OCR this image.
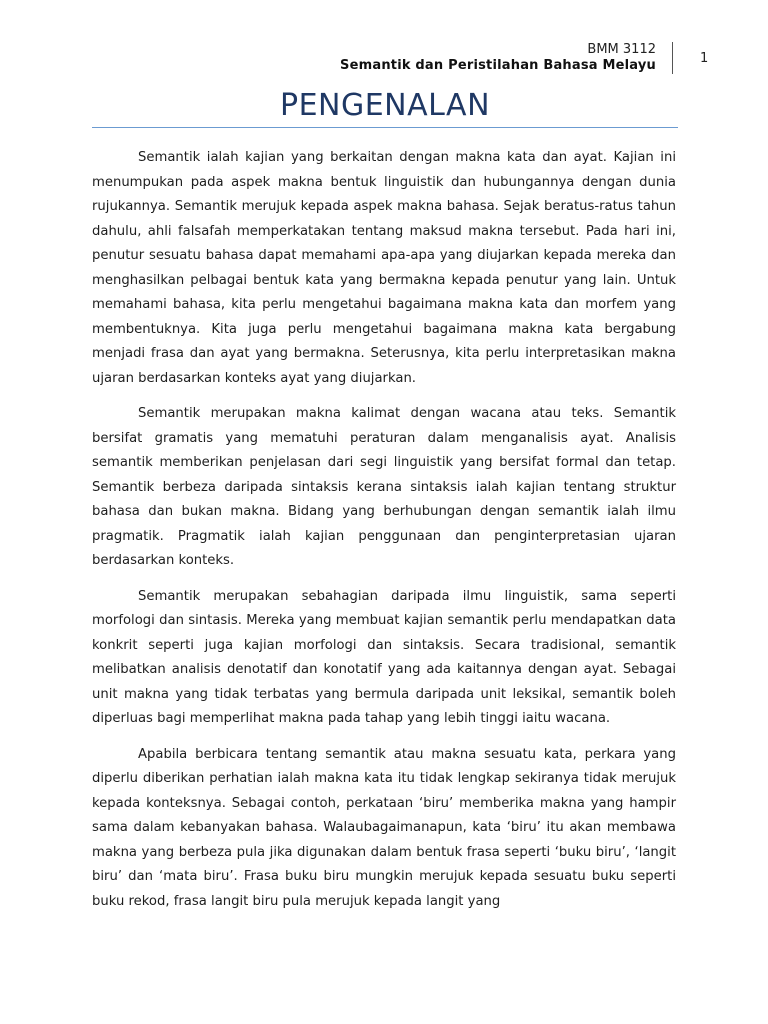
BMM 3112
Semantik dan Peristilahan Bahasa Melayu	1
PENGENALAN

Semantik ialah kajian yang berkaitan dengan makna kata dan ayat. Kajian ini menumpukan pada aspek makna bentuk linguistik dan hubungannya dengan dunia rujukannya. Semantik merujuk kepada aspek makna bahasa. Sejak beratus-ratus tahun dahulu, ahli falsafah memperkatakan tentang maksud makna tersebut. Pada hari ini, penutur sesuatu bahasa dapat memahami apa-apa yang diujarkan kepada mereka dan menghasilkan pelbagai bentuk kata yang bermakna kepada penutur yang lain. Untuk memahami bahasa, kita perlu mengetahui bagaimana makna kata dan morfem yang membentuknya. Kita juga perlu mengetahui bagaimana makna kata bergabung menjadi frasa dan ayat yang bermakna. Seterusnya, kita perlu interpretasikan makna ujaran berdasarkan konteks ayat yang diujarkan.

Semantik merupakan makna kalimat dengan wacana atau teks. Semantik bersifat gramatis yang mematuhi peraturan dalam menganalisis ayat. Analisis semantik memberikan penjelasan dari segi linguistik yang bersifat formal dan tetap. Semantik berbeza daripada sintaksis kerana sintaksis ialah kajian tentang struktur bahasa dan bukan makna. Bidang yang berhubungan dengan semantik ialah ilmu pragmatik. Pragmatik ialah kajian penggunaan dan penginterpretasian ujaran berdasarkan konteks.

Semantik merupakan sebahagian daripada ilmu linguistik, sama seperti morfologi dan sintasis. Mereka yang membuat kajian semantik perlu mendapatkan data konkrit seperti juga kajian morfologi dan sintaksis. Secara tradisional, semantik melibatkan analisis denotatif dan konotatif yang ada kaitannya dengan ayat. Sebagai unit makna yang tidak terbatas yang bermula daripada unit leksikal, semantik boleh diperluas bagi memperlihat makna pada tahap yang lebih tinggi iaitu wacana.

Apabila berbicara tentang semantik atau makna sesuatu kata, perkara yang diperlu diberikan perhatian ialah makna kata itu tidak lengkap sekiranya tidak merujuk kepada konteksnya. Sebagai contoh, perkataan ‘biru’ memberika makna yang hampir sama dalam kebanyakan bahasa. Walaubagaimanapun, kata ‘biru’ itu akan membawa makna yang berbeza pula jika digunakan dalam bentuk frasa seperti ‘buku biru’, ‘langit biru’ dan ‘mata biru’. Frasa buku biru mungkin merujuk kepada sesuatu buku seperti buku rekod, frasa langit biru pula merujuk kepada langit yang
